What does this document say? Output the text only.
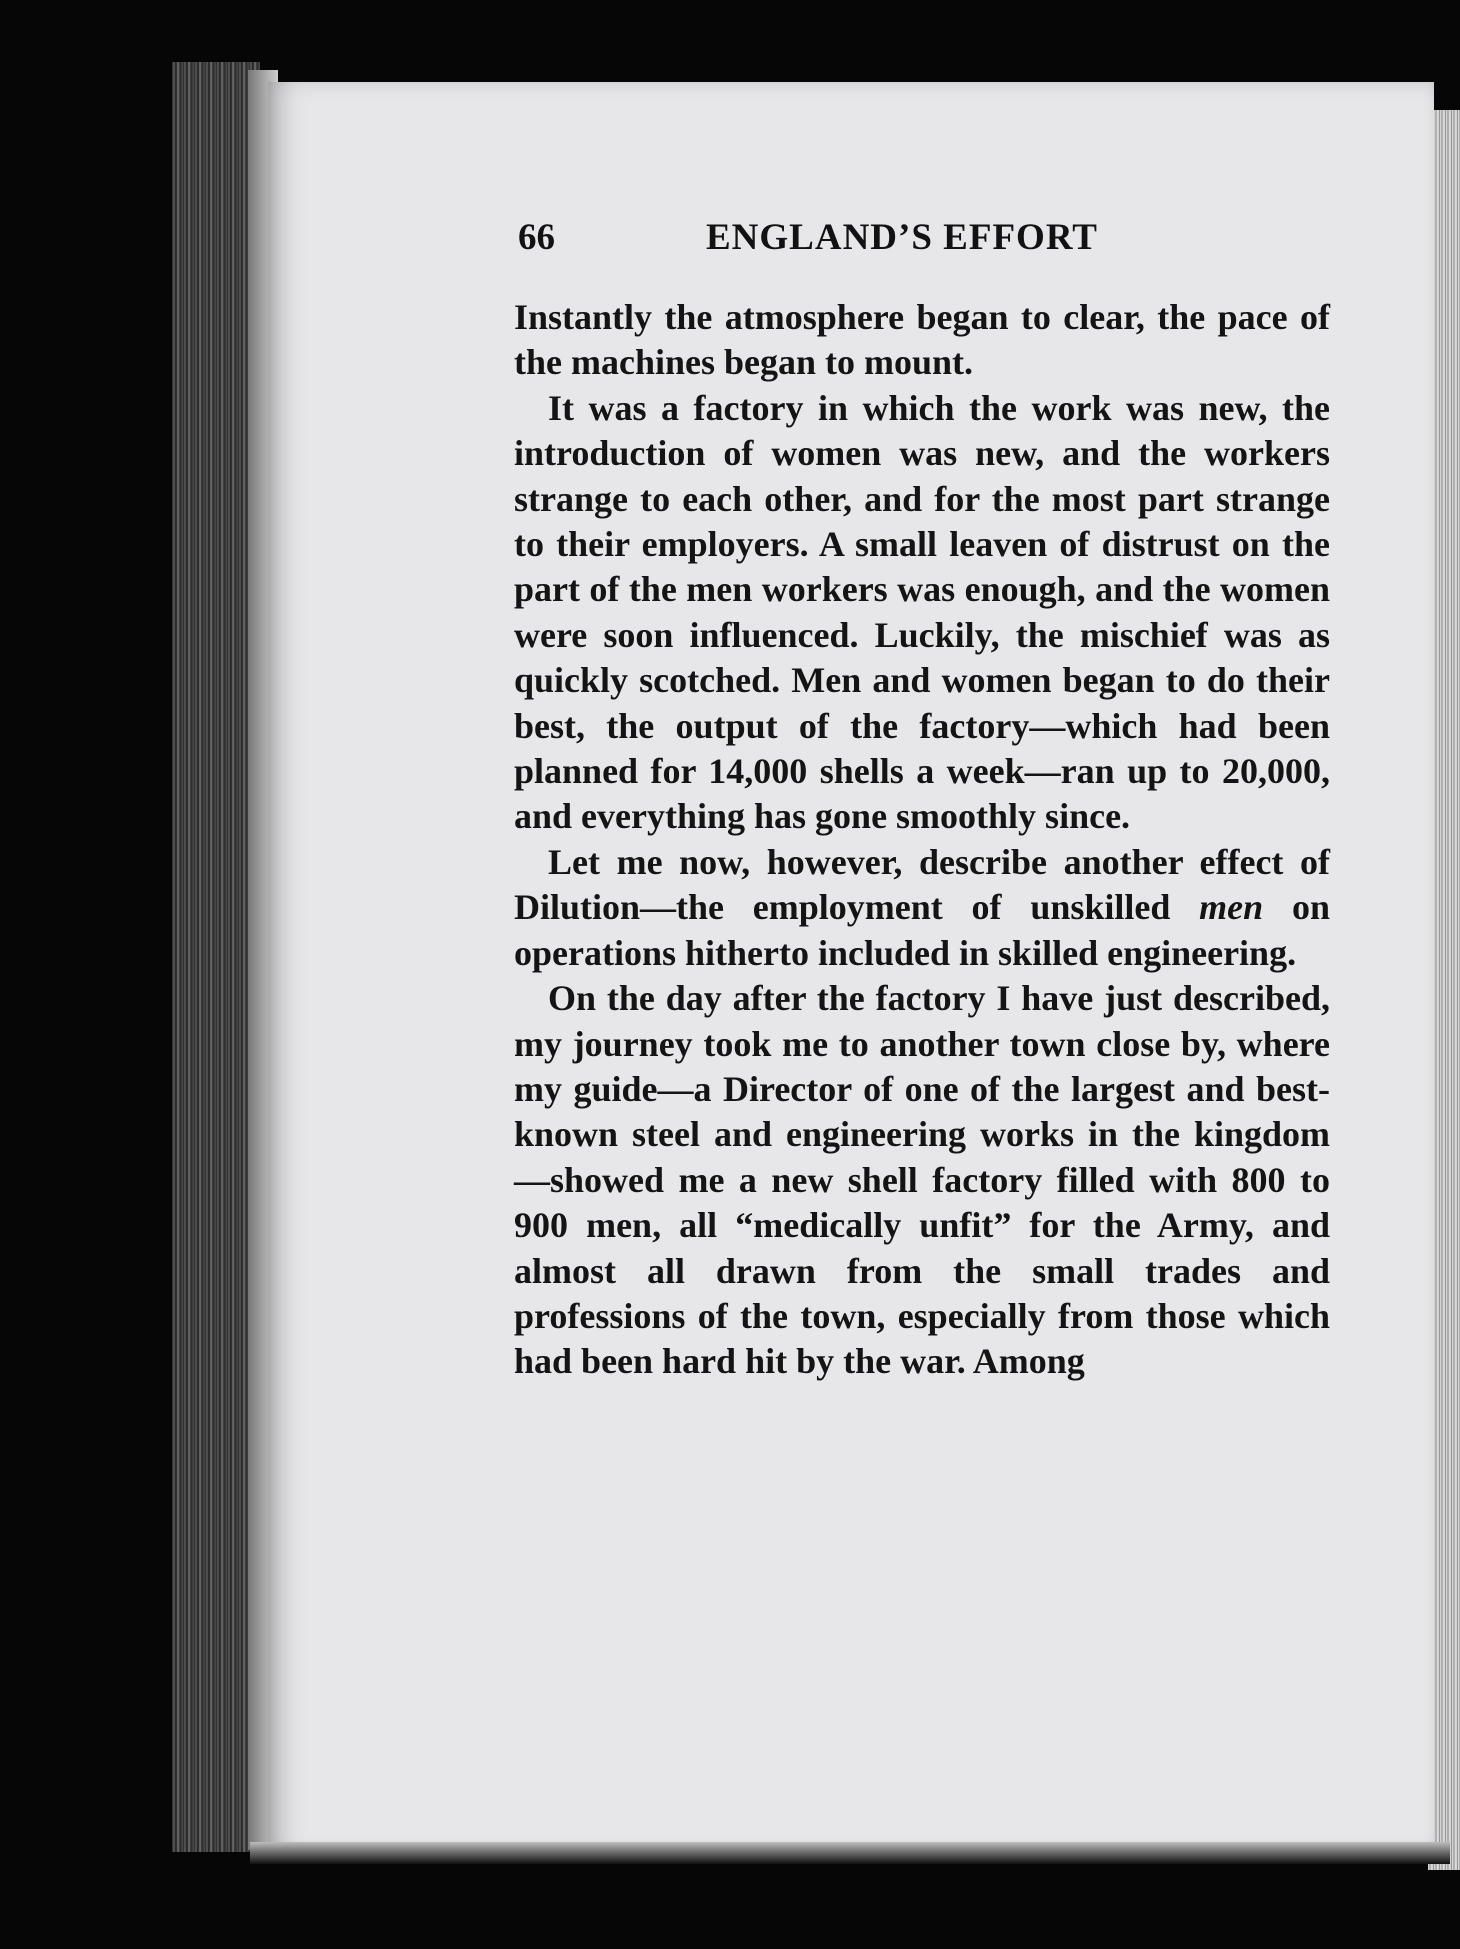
66	ENGLAND’S EFFORT

Instantly the atmosphere began to clear, the pace of the machines began to mount.

It was a factory in which the work was new, the introduction of women was new, and the workers strange to each other, and for the most part strange to their employers. A small leaven of distrust on the part of the men workers was enough, and the women were soon influenced. Luckily, the mischief was as quickly scotched. Men and women began to do their best, the output of the factory—which had been planned for 14,000 shells a week—ran up to 20,000, and everything has gone smoothly since.

Let me now, however, describe another effect of Dilution—the employment of unskilled men on operations hitherto included in skilled engineering.

On the day after the factory I have just described, my journey took me to another town close by, where my guide—a Director of one of the largest and best-known steel and engineering works in the kingdom—showed me a new shell factory filled with 800 to 900 men, all “medically unfit” for the Army, and almost all drawn from the small trades and professions of the town, especially from those which had been hard hit by the war. Among
